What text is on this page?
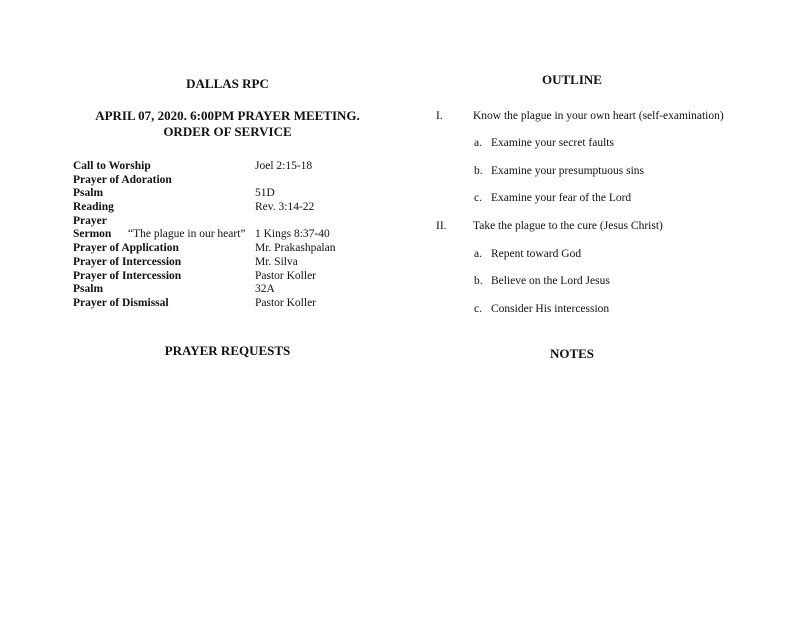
DALLAS RPC
APRIL 07, 2020. 6:00PM PRAYER MEETING.
ORDER OF SERVICE
Call to Worship	Joel 2:15-18
Prayer of Adoration
Psalm	51D
Reading	Rev. 3:14-22
Prayer
Sermon “The plague in our heart” 1 Kings 8:37-40
Prayer of Application	Mr. Prakashpalan
Prayer of Intercession	Mr. Silva
Prayer of Intercession	Pastor Koller
Psalm	32A
Prayer of Dismissal	Pastor Koller
PRAYER REQUESTS
OUTLINE
NOTES
I.	Know the plague in your own heart (self-examination)
a. Examine your secret faults
b. Examine your presumptuous sins
c. Examine your fear of the Lord
II. Take the plague to the cure (Jesus Christ)
a. Repent toward God
b. Believe on the Lord Jesus
c. Consider His intercession
